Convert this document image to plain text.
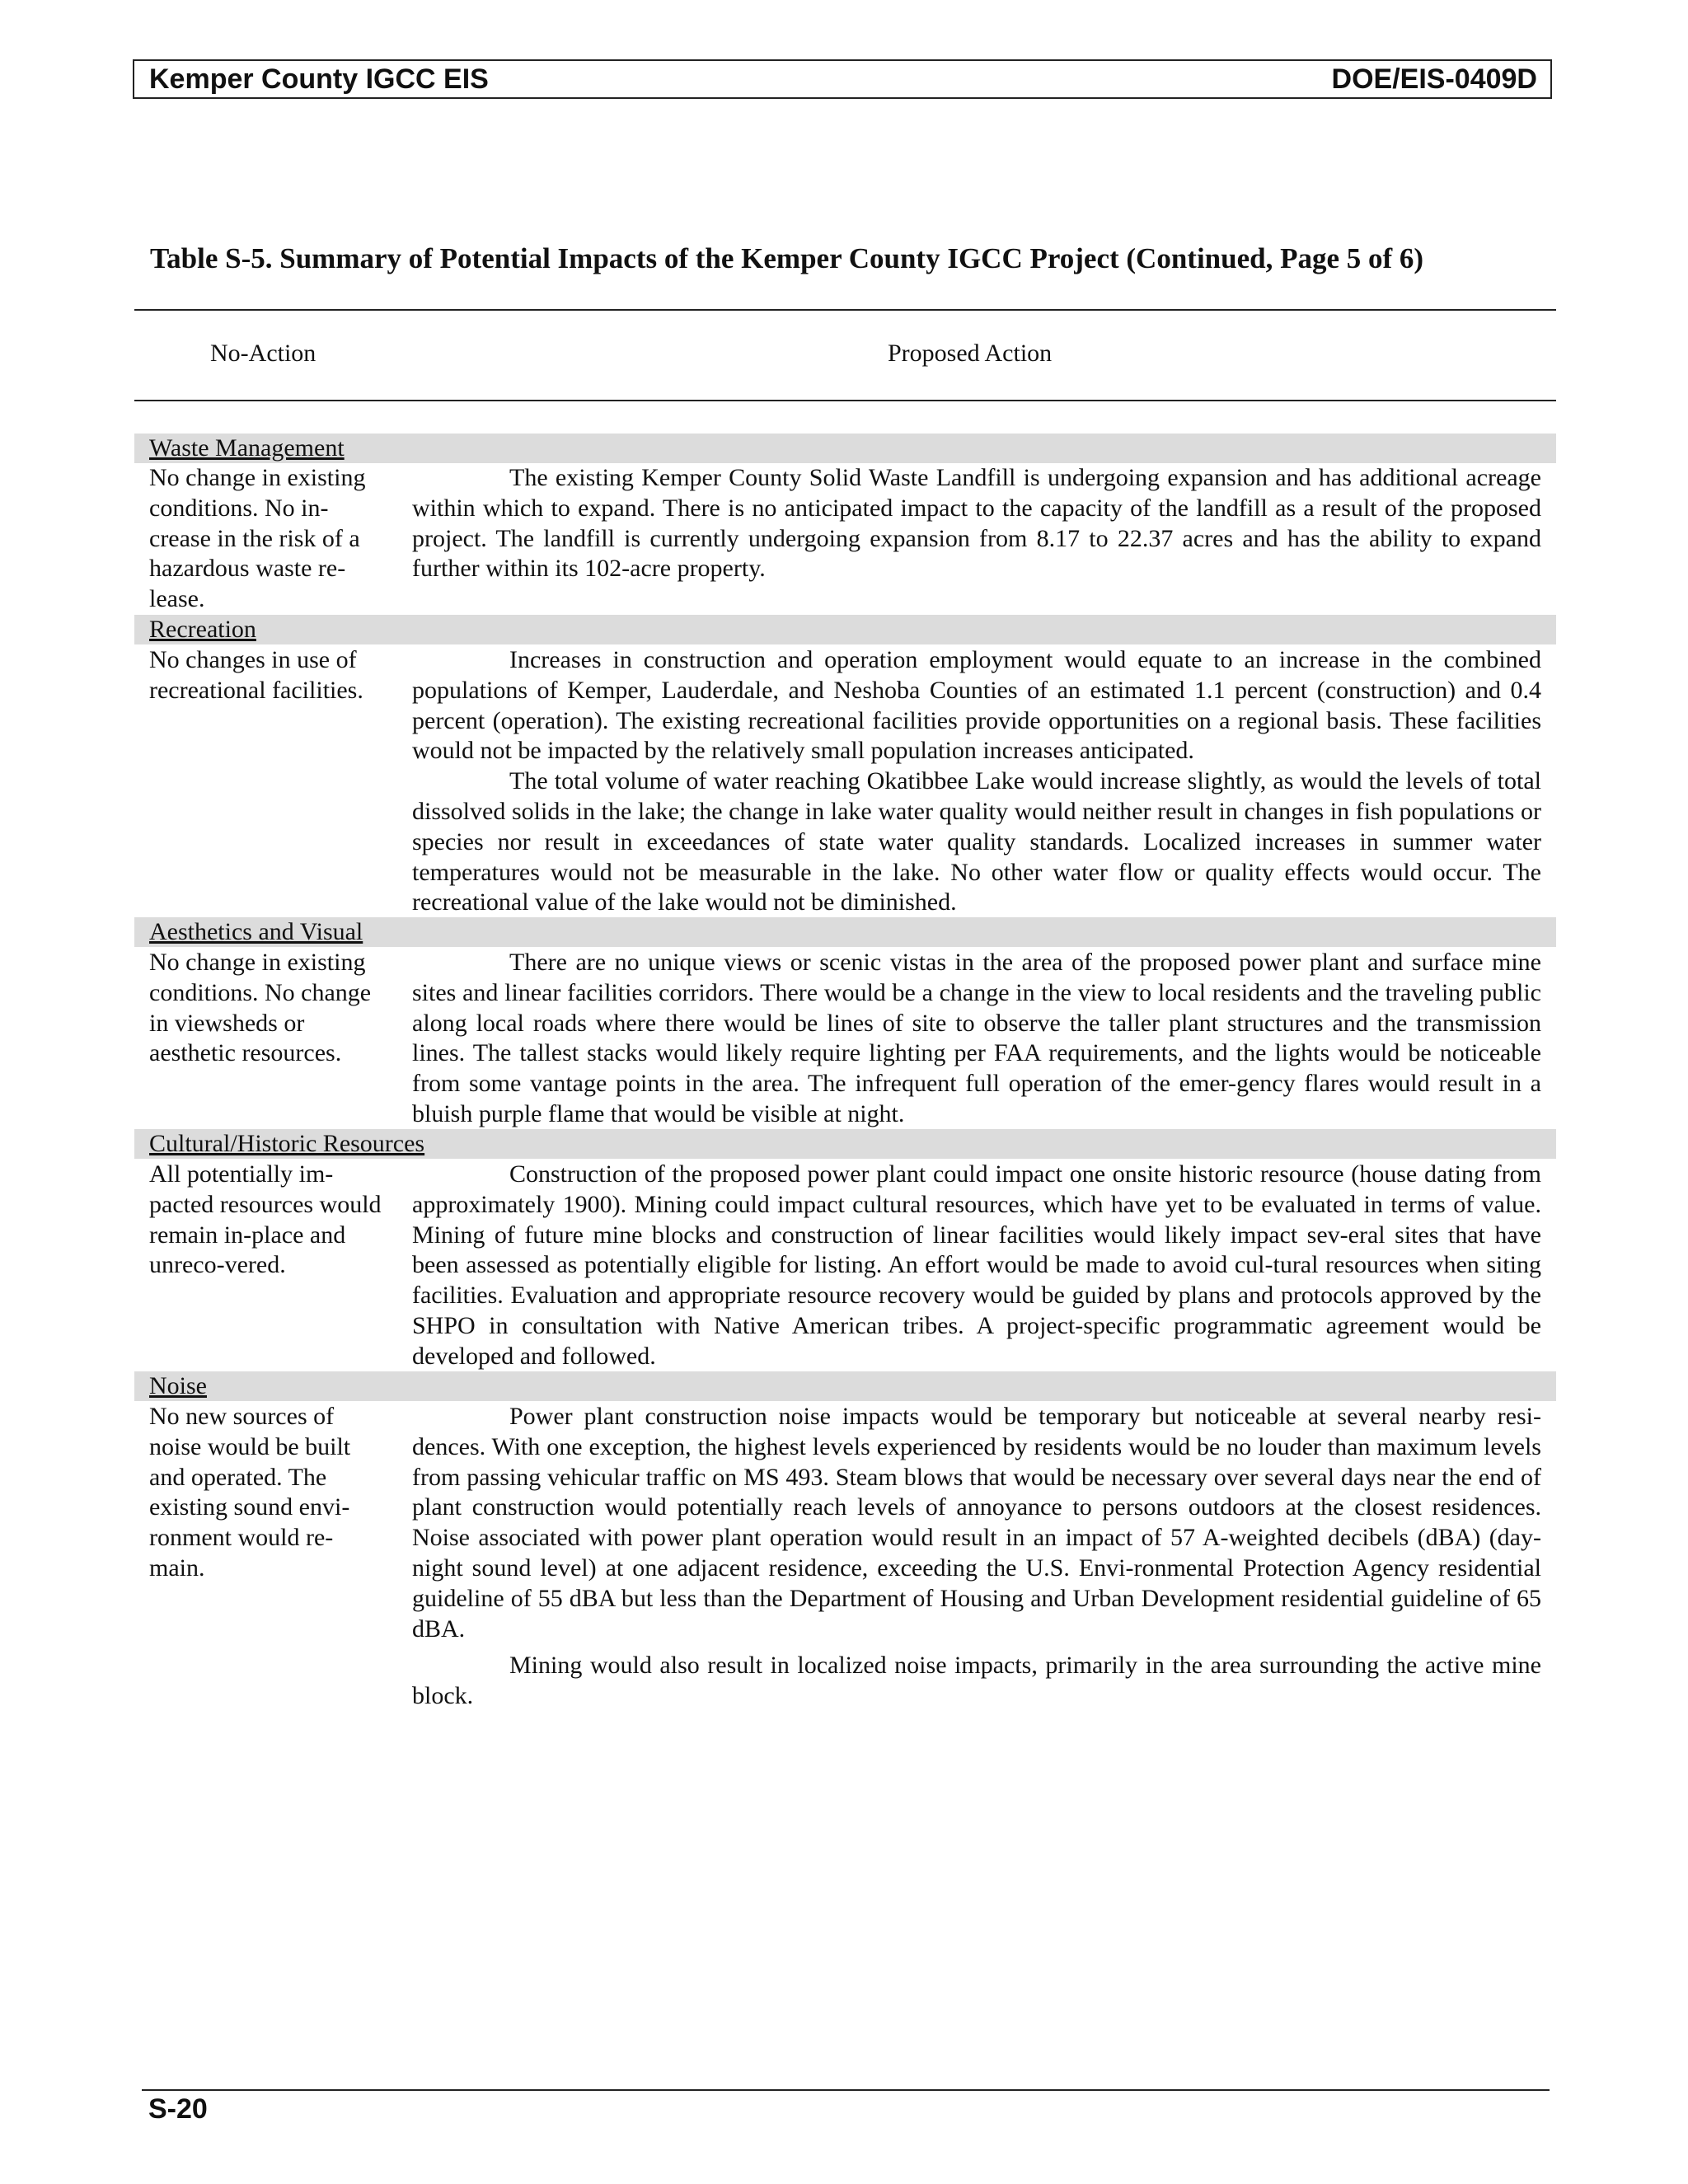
Kemper County IGCC EIS	DOE/EIS-0409D
Table S-5. Summary of Potential Impacts of the Kemper County IGCC Project (Continued, Page 5 of 6)
No-Action	Proposed Action
Waste Management

No change in existing conditions. No in-crease in the risk of a hazardous waste re-lease.

The existing Kemper County Solid Waste Landfill is undergoing expansion and has additional acreage within which to expand. There is no anticipated impact to the capacity of the landfill as a result of the proposed project. The landfill is currently undergoing expansion from 8.17 to 22.37 acres and has the ability to expand further within its 102-acre property.

Recreation

No changes in use of recreational facilities.

Increases in construction and operation employment would equate to an increase in the combined populations of Kemper, Lauderdale, and Neshoba Counties of an estimated 1.1 percent (construction) and 0.4 percent (operation). The existing recreational facilities provide opportunities on a regional basis. These facilities would not be impacted by the relatively small population increases anticipated.

The total volume of water reaching Okatibbee Lake would increase slightly, as would the levels of total dissolved solids in the lake; the change in lake water quality would neither result in changes in fish populations or species nor result in exceedances of state water quality standards. Localized increases in summer water temperatures would not be measurable in the lake. No other water flow or quality effects would occur. The recreational value of the lake would not be diminished.

Aesthetics and Visual

No change in existing conditions. No change in viewsheds or aesthetic resources.

There are no unique views or scenic vistas in the area of the proposed power plant and surface mine sites and linear facilities corridors. There would be a change in the view to local residents and the traveling public along local roads where there would be lines of site to observe the taller plant structures and the transmission lines. The tallest stacks would likely require lighting per FAA requirements, and the lights would be noticeable from some vantage points in the area. The infrequent full operation of the emer-gency flares would result in a bluish purple flame that would be visible at night.

Cultural/Historic Resources

All potentially im-pacted resources would remain in-place and unreco-vered.

Construction of the proposed power plant could impact one onsite historic resource (house dating from approximately 1900). Mining could impact cultural resources, which have yet to be evaluated in terms of value. Mining of future mine blocks and construction of linear facilities would likely impact sev-eral sites that have been assessed as potentially eligible for listing. An effort would be made to avoid cul-tural resources when siting facilities. Evaluation and appropriate resource recovery would be guided by plans and protocols approved by the SHPO in consultation with Native American tribes. A project-specific programmatic agreement would be developed and followed.

Noise

No new sources of noise would be built and operated. The existing sound envi-ronment would re-main.

Power plant construction noise impacts would be temporary but noticeable at several nearby resi-dences. With one exception, the highest levels experienced by residents would be no louder than maximum levels from passing vehicular traffic on MS 493. Steam blows that would be necessary over several days near the end of plant construction would potentially reach levels of annoyance to persons outdoors at the closest residences. Noise associated with power plant operation would result in an impact of 57 A-weighted decibels (dBA) (day-night sound level) at one adjacent residence, exceeding the U.S. Envi-ronmental Protection Agency residential guideline of 55 dBA but less than the Department of Housing and Urban Development residential guideline of 65 dBA.

Mining would also result in localized noise impacts, primarily in the area surrounding the active mine block.

S-20
